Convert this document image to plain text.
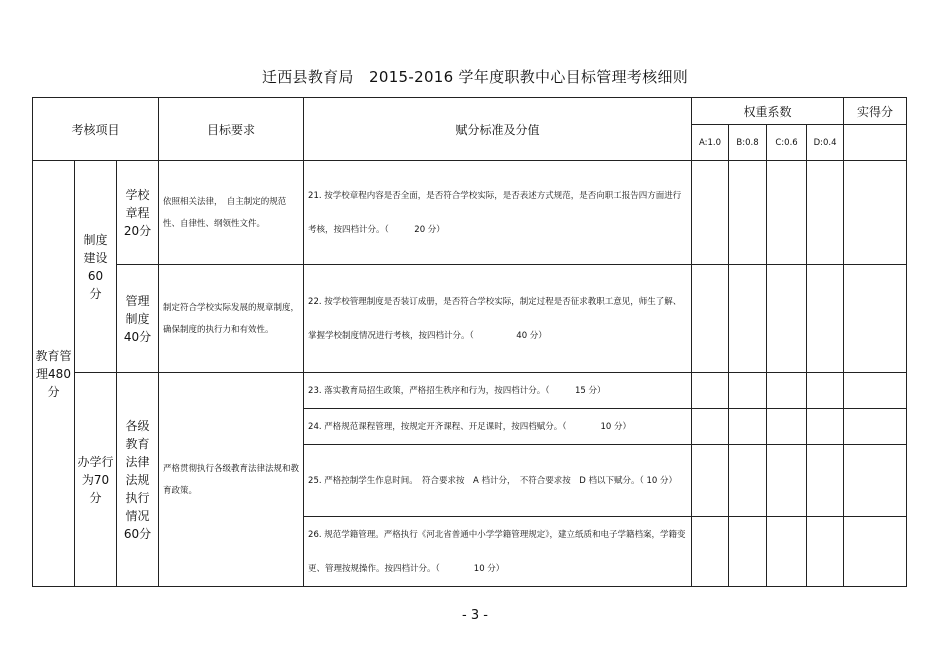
迁西县教育局　2015-2016 学年度职教中心目标管理考核细则
考核项目			目标要求	赋分标准及分值	权重系数				实得分
					A:1.0	B:0.8	C:0.6	D:0.4	
教育管理480分	制度建设60分	学校章程20分	依照相关法律，　自主制定的规范性、自律性、纲领性文件。	21. 按学校章程内容是否全面，是否符合学校实际，是否表述方式规范，是否向职工报告四方面进行考核，按四档计分。（　　　20 分）					
		管理制度40分	制定符合学校实际发展的规章制度，确保制度的执行力和有效性。	22. 按学校管理制度是否装订成册，是否符合学校实际，制定过程是否征求教职工意见，师生了解、掌握学校制度情况进行考核，按四档计分。（　　　　　40 分）					
	办学行为70分	各级教育法律法规执行情况60分	严格贯彻执行各级教育法律法规和教育政策。	23. 落实教育局招生政策，严格招生秩序和行为，按四档计分。（　　　15 分）					
				24. 严格规范课程管理，按规定开齐课程、开足课时，按四档赋分。（　　　　10 分）					
				25. 严格控制学生作息时间。　符合要求按　A 档计分，　不符合要求按　D 档以下赋分。（ 10 分）					
				26. 规范学籍管理。严格执行《河北省普通中小学学籍管理规定》，建立纸质和电子学籍档案，学籍变更、管理按规操作。按四档计分。（　　　　10 分）					
- 3 -
